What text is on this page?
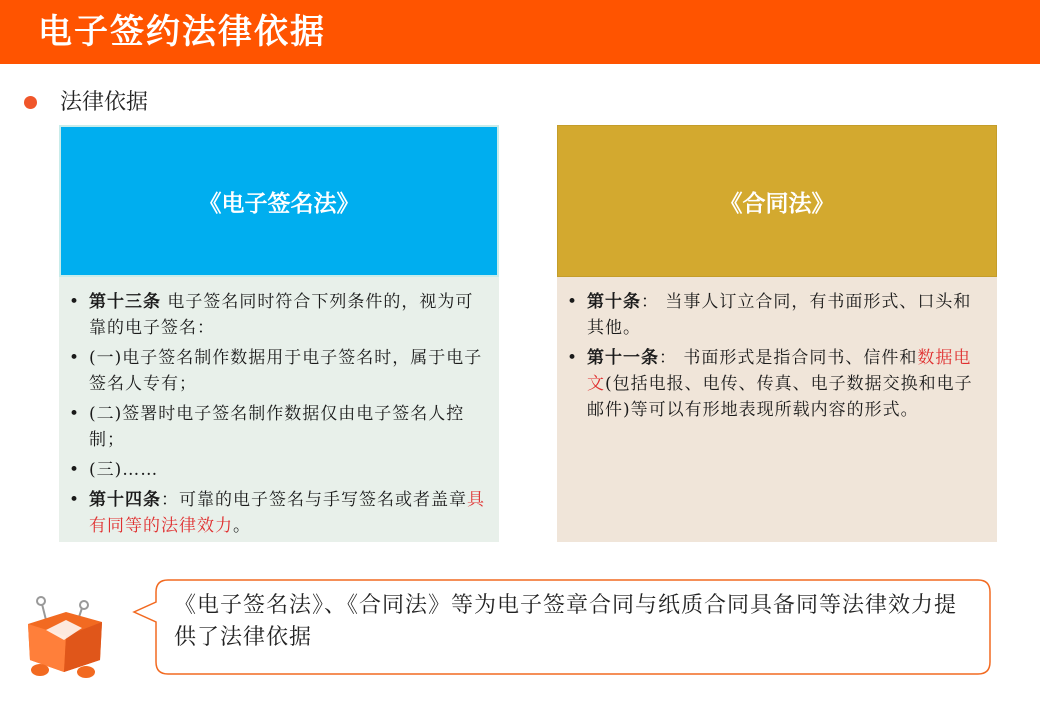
电子签约法律依据
法律依据
《电子签名法》
• 第十三条 电子签名同时符合下列条件的，视为可靠的电子签名：
• (一)电子签名制作数据用于电子签名时，属于电子签名人专有；
• (二)签署时电子签名制作数据仅由电子签名人控制；
• (三)……
• 第十四条：可靠的电子签名与手写签名或者盖章具有同等的法律效力。
《合同法》
• 第十条： 当事人订立合同，有书面形式、口头和其他。
• 第十一条： 书面形式是指合同书、信件和数据电文(包括电报、电传、传真、电子数据交换和电子邮件)等可以有形地表现所载内容的形式。
《电子签名法》、《合同法》等为电子签章合同与纸质合同具备同等法律效力提供了法律依据
